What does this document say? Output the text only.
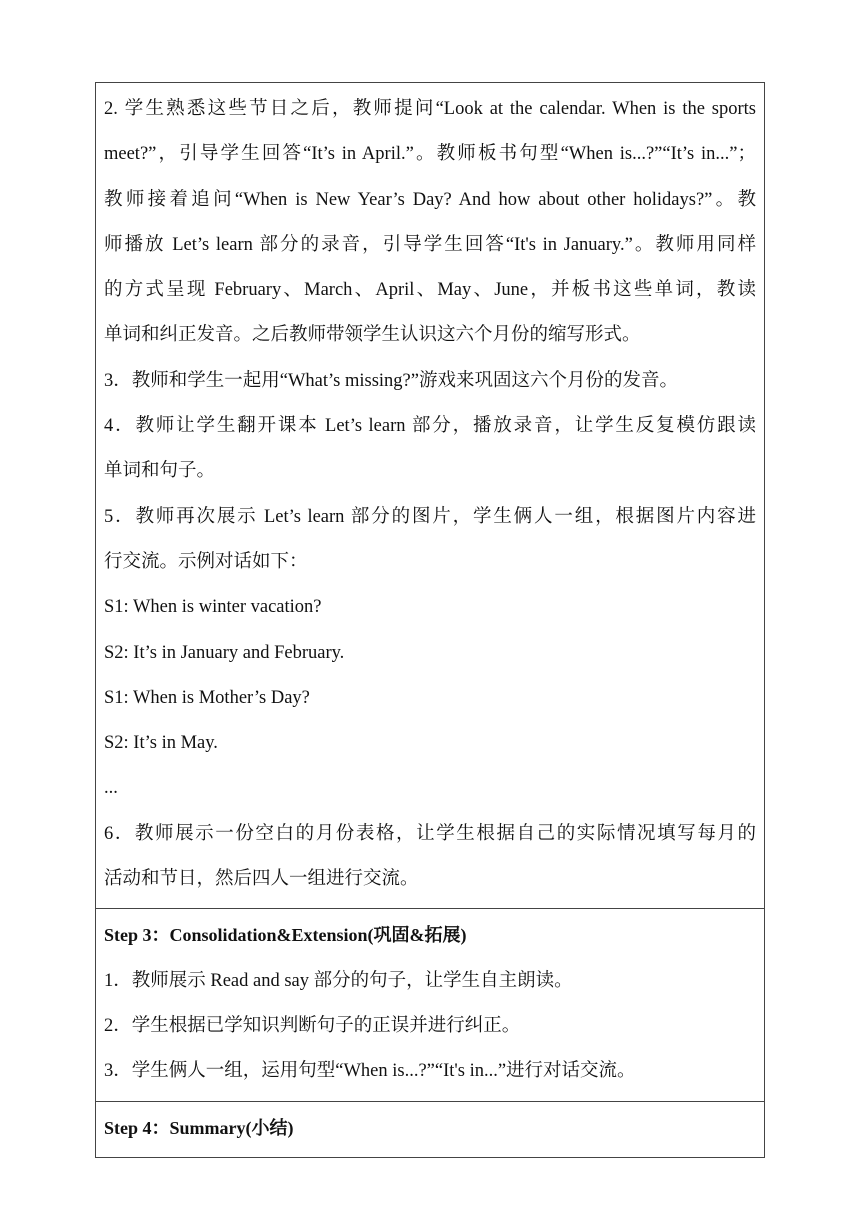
2. 学生熟悉这些节日之后，教师提问“Look at the calendar. When is the sports

meet?”，引导学生回答“It’s in April.”。教师板书句型“When is...?”“It’s in...”；

教师接着追问“When is New Year’s Day? And how about other holidays?”。教

师播放 Let’s learn 部分的录音，引导学生回答“It's in January.”。教师用同样

的方式呈现 February、March、April、May、June，并板书这些单词，教读

单词和纠正发音。之后教师带领学生认识这六个月份的缩写形式。

3．教师和学生一起用“What’s missing?”游戏来巩固这六个月份的发音。

4．教师让学生翻开课本 Let’s learn 部分，播放录音，让学生反复模仿跟读

单词和句子。

5．教师再次展示 Let’s learn 部分的图片，学生俩人一组，根据图片内容进

行交流。示例对话如下：

S1: When is winter vacation?

S2: It’s in January and February.

S1: When is Mother’s Day?

S2: It’s in May.

...

6．教师展示一份空白的月份表格，让学生根据自己的实际情况填写每月的

活动和节日，然后四人一组进行交流。

Step 3：Consolidation&Extension(巩固&拓展)

1．教师展示 Read and say 部分的句子，让学生自主朗读。

2．学生根据已学知识判断句子的正误并进行纠正。

3．学生俩人一组，运用句型“When is...?”“It's in...”进行对话交流。

Step 4：Summary(小结)
